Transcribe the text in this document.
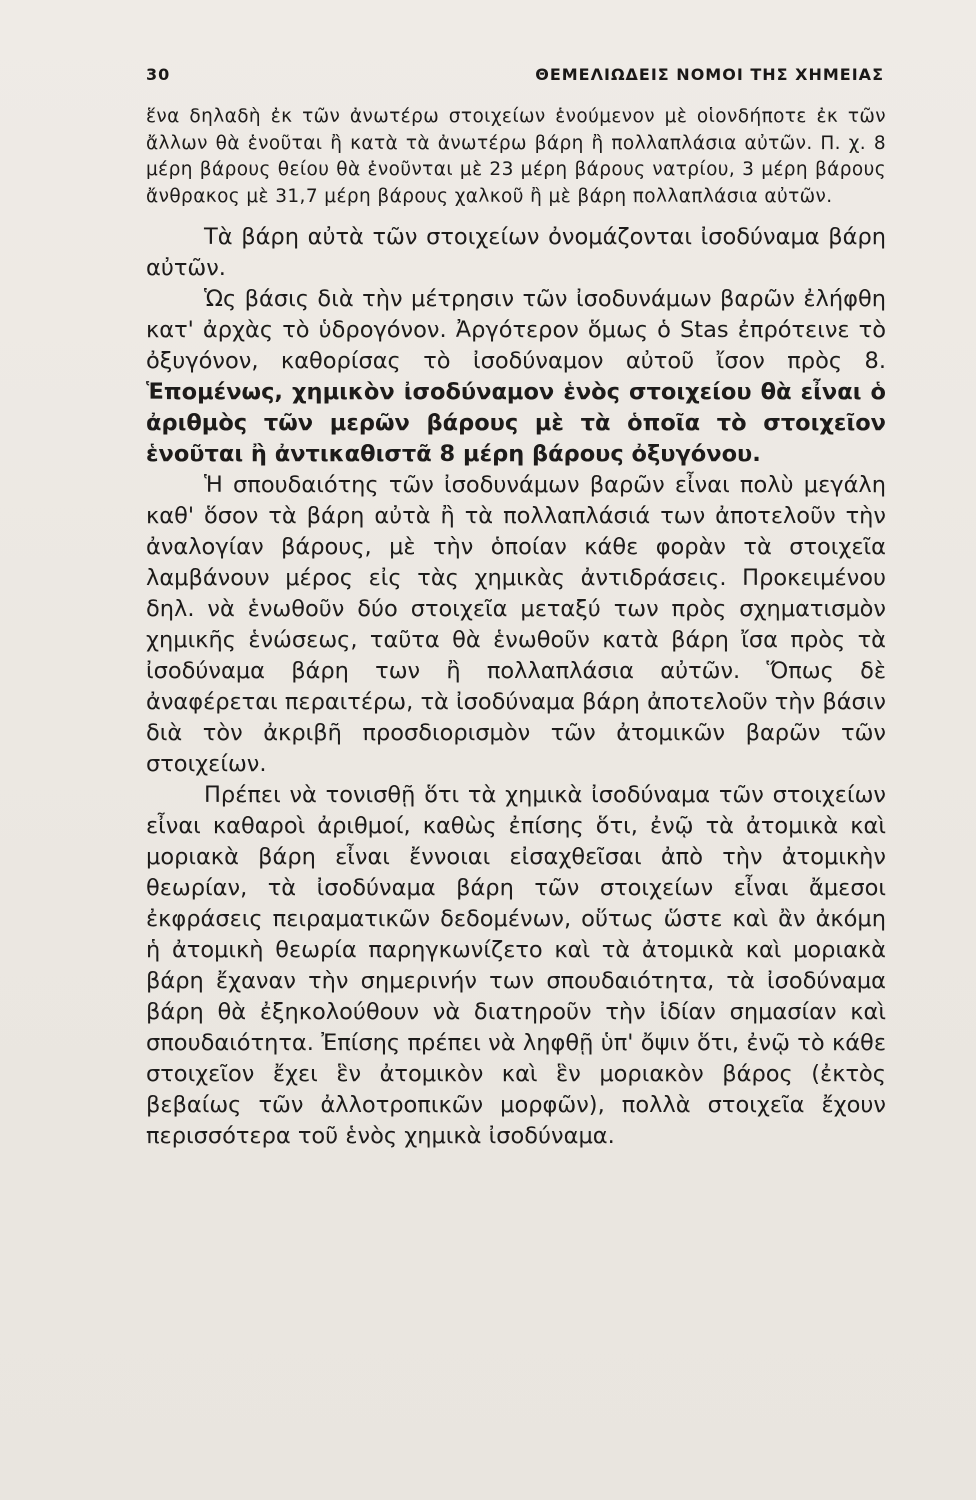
30	ΘΕΜΕΛΙΩΔΕΙΣ ΝΟΜΟΙ ΤΗΣ ΧΗΜΕΙΑΣ

ἕνα δηλαδὴ ἐκ τῶν ἀνωτέρω στοιχείων ἑνούμενον μὲ οἱονδήποτε ἐκ τῶν ἄλλων θὰ ἑνοῦται ἢ κατὰ τὰ ἀνωτέρω βάρη ἢ πολλαπλάσια αὐτῶν. Π. χ. 8 μέρη βάρους θείου θὰ ἑνοῦνται μὲ 23 μέρη βάρους νατρίου, 3 μέρη βάρους ἄνθρακος μὲ 31,7 μέρη βάρους χαλκοῦ ἢ μὲ βάρη πολλαπλάσια αὐτῶν.

Τὰ βάρη αὐτὰ τῶν στοιχείων ὀνομάζονται ἰσοδύναμα βάρη αὐτῶν.

Ὡς βάσις διὰ τὴν μέτρησιν τῶν ἰσοδυνάμων βαρῶν ἐλήφθη κατ' ἀρχὰς τὸ ὑδρογόνον. Ἀργότερον ὅμως ὁ Stas ἐπρότεινε τὸ ὀξυγόνον, καθορίσας τὸ ἰσοδύναμον αὐτοῦ ἴσον πρὸς 8. Ἑπομένως, χημικὸν ἰσοδύναμον ἑνὸς στοιχείου θὰ εἶναι ὁ ἀριθμὸς τῶν μερῶν βάρους μὲ τὰ ὁποῖα τὸ στοιχεῖον ἑνοῦται ἢ ἀντικαθιστᾶ 8 μέρη βάρους ὀξυγόνου.

Ἡ σπουδαιότης τῶν ἰσοδυνάμων βαρῶν εἶναι πολὺ μεγάλη καθ' ὅσον τὰ βάρη αὐτὰ ἢ τὰ πολλαπλάσιά των ἀποτελοῦν τὴν ἀναλογίαν βάρους, μὲ τὴν ὁποίαν κάθε φορὰν τὰ στοιχεῖα λαμβάνουν μέρος εἰς τὰς χημικὰς ἀντιδράσεις. Προκειμένου δηλ. νὰ ἑνωθοῦν δύο στοιχεῖα μεταξύ των πρὸς σχηματισμὸν χημικῆς ἑνώσεως, ταῦτα θὰ ἑνωθοῦν κατὰ βάρη ἴσα πρὸς τὰ ἰσοδύναμα βάρη των ἢ πολλαπλάσια αὐτῶν. Ὅπως δὲ ἀναφέρεται περαιτέρω, τὰ ἰσοδύναμα βάρη ἀποτελοῦν τὴν βάσιν διὰ τὸν ἀκριβῆ προσδιορισμὸν τῶν ἀτομικῶν βαρῶν τῶν στοιχείων.

Πρέπει νὰ τονισθῇ ὅτι τὰ χημικὰ ἰσοδύναμα τῶν στοιχείων εἶναι καθαροὶ ἀριθμοί, καθὼς ἐπίσης ὅτι, ἐνῷ τὰ ἀτομικὰ καὶ μοριακὰ βάρη εἶναι ἔννοιαι εἰσαχθεῖσαι ἀπὸ τὴν ἀτομικὴν θεωρίαν, τὰ ἰσοδύναμα βάρη τῶν στοιχείων εἶναι ἄμεσοι ἐκφράσεις πειραματικῶν δεδομένων, οὕτως ὥστε καὶ ἂν ἀκόμη ἡ ἀτομικὴ θεωρία παρηγκωνίζετο καὶ τὰ ἀτομικὰ καὶ μοριακὰ βάρη ἔχαναν τὴν σημερινήν των σπουδαιότητα, τὰ ἰσοδύναμα βάρη θὰ ἐξηκολούθουν νὰ διατηροῦν τὴν ἰδίαν σημασίαν καὶ σπουδαιότητα. Ἐπίσης πρέπει νὰ ληφθῇ ὑπ' ὄψιν ὅτι, ἐνῷ τὸ κάθε στοιχεῖον ἔχει ἓν ἀτομικὸν καὶ ἓν μοριακὸν βάρος (ἐκτὸς βεβαίως τῶν ἀλλοτροπικῶν μορφῶν), πολλὰ στοιχεῖα ἔχουν περισσότερα τοῦ ἑνὸς χημικὰ ἰσοδύναμα.
